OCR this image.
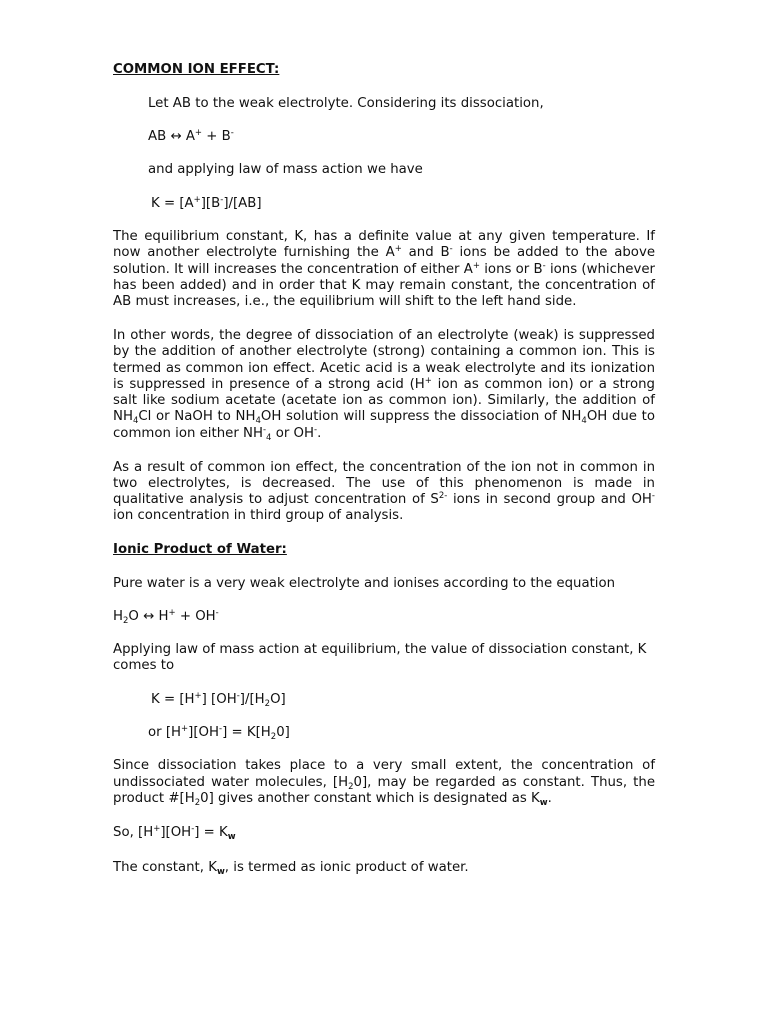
COMMON ION EFFECT:

Let AB to the weak electrolyte. Considering its dissociation,

AB ↔ A+ + B-

and applying law of mass action we have

K = [A+][B-]/[AB]

The equilibrium constant, K, has a definite value at any given temperature. If now another electrolyte furnishing the A+ and B- ions be added to the above solution. It will increases the concentration of either A+ ions or B- ions (whichever has been added) and in order that K may remain constant, the concentration of AB must increases, i.e., the equilibrium will shift to the left hand side.

In other words, the degree of dissociation of an electrolyte (weak) is suppressed by the addition of another electrolyte (strong) containing a common ion. This is termed as common ion effect. Acetic acid is a weak electrolyte and its ionization is suppressed in presence of a strong acid (H+ ion as common ion) or a strong salt like sodium acetate (acetate ion as common ion). Similarly, the addition of $NH_4Cl$ or NaOH to $NH_4OH$ solution will suppress the dissociation of $NH_4OH$ due to common ion either $NH^-_4$ or OH-.

As a result of common ion effect, the concentration of the ion not in common in two electrolytes, is decreased. The use of this phenomenon is made in qualitative analysis to adjust concentration of $S^{2-}$ ions in second group and OH- ion concentration in third group of analysis.

Ionic Product of Water:

Pure water is a very weak electrolyte and ionises according to the equation

$H_2O$ ↔ H+ + OH-

Applying law of mass action at equilibrium, the value of dissociation constant, K comes to

K = [H+] $[OH^-]/[H_2O]$

or $[H^+][OH^-] = K[H_20]$

Since dissociation takes place to a very small extent, the concentration of undissociated water molecules, $[H_20]$, may be regarded as constant. Thus, the product $\#[H_20]$ gives another constant which is designated as $K_w$.

So, $[H^+][OH^-] = K_w$

The constant, $K_w$, is termed as ionic product of water.
